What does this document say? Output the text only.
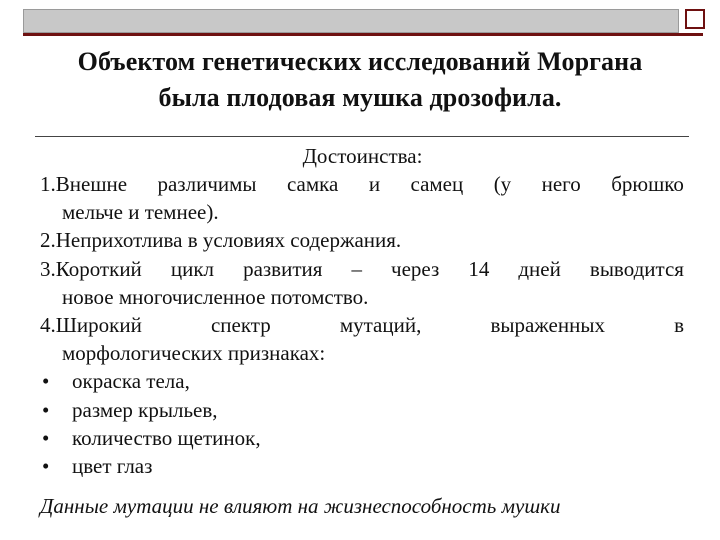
Объектом генетических исследований Моргана
была плодовая мушка дрозофила.
Достоинства:
1.Внешне различимы самка и самец (у него брюшко
мельче и темнее).
2.Неприхотлива в условиях содержания.
3.Короткий цикл развития – через 14 дней выводится
новое многочисленное потомство.
4.Широкий	спектр	мутаций,	выраженных	в
морфологических признаках:
•	окраска тела,
•	размер крыльев,
•	количество щетинок,
•	цвет глаз
Данные мутации не влияют на жизнеспособность мушки
